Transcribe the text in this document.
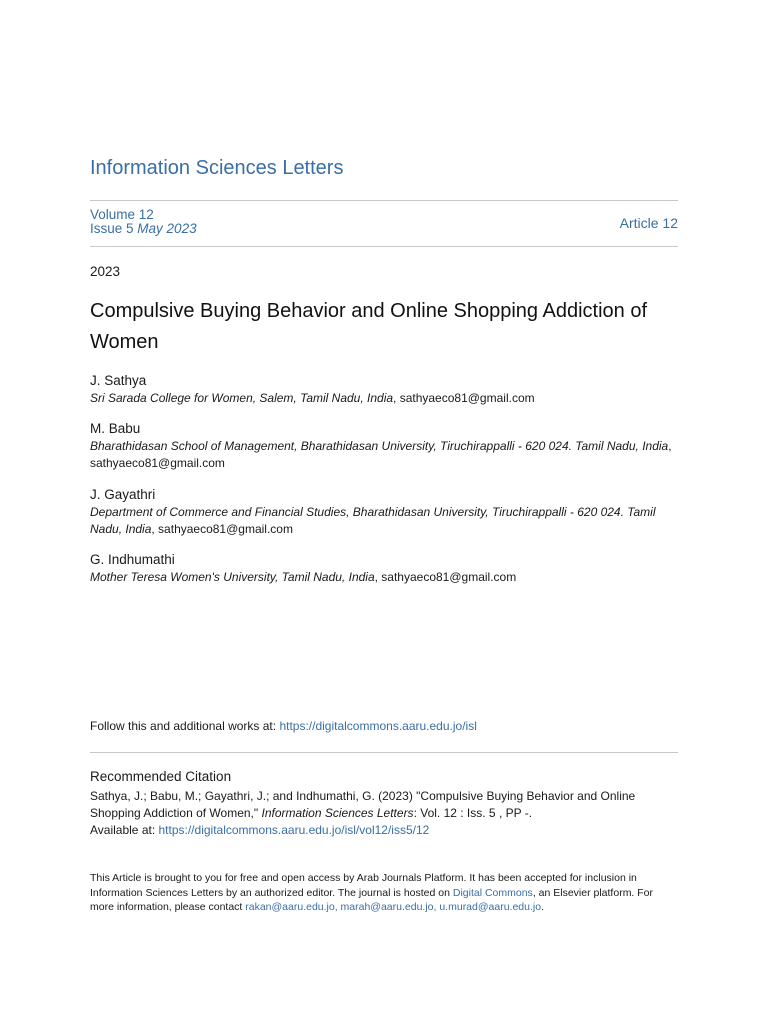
Information Sciences Letters
Volume 12
Issue 5 May 2023	Article 12
2023
Compulsive Buying Behavior and Online Shopping Addiction of Women
J. Sathya
Sri Sarada College for Women, Salem, Tamil Nadu, India, sathyaeco81@gmail.com
M. Babu
Bharathidasan School of Management, Bharathidasan University, Tiruchirappalli - 620 024. Tamil Nadu, India, sathyaeco81@gmail.com
J. Gayathri
Department of Commerce and Financial Studies, Bharathidasan University, Tiruchirappalli - 620 024. Tamil Nadu, India, sathyaeco81@gmail.com
G. Indhumathi
Mother Teresa Women's University, Tamil Nadu, India, sathyaeco81@gmail.com
Follow this and additional works at: https://digitalcommons.aaru.edu.jo/isl
Recommended Citation
Sathya, J.; Babu, M.; Gayathri, J.; and Indhumathi, G. (2023) "Compulsive Buying Behavior and Online Shopping Addiction of Women," Information Sciences Letters: Vol. 12 : Iss. 5 , PP -.
Available at: https://digitalcommons.aaru.edu.jo/isl/vol12/iss5/12
This Article is brought to you for free and open access by Arab Journals Platform. It has been accepted for inclusion in Information Sciences Letters by an authorized editor. The journal is hosted on Digital Commons, an Elsevier platform. For more information, please contact rakan@aaru.edu.jo, marah@aaru.edu.jo, u.murad@aaru.edu.jo.
